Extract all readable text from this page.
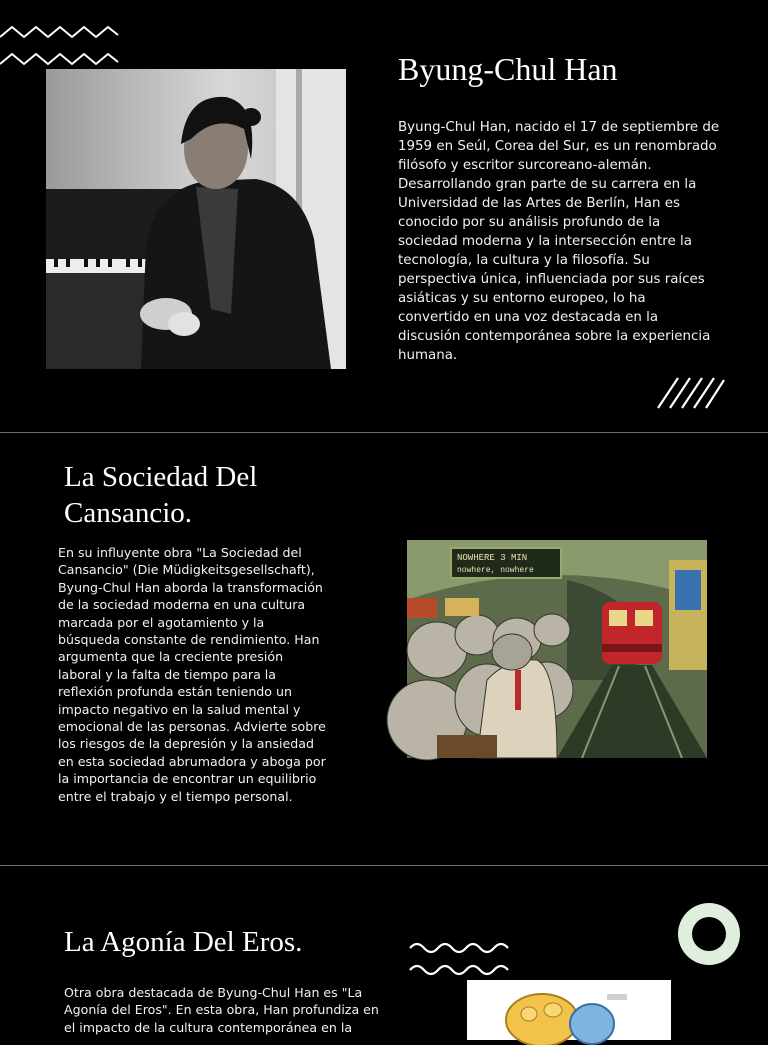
Byung-Chul Han
Byung-Chul Han, nacido el 17 de septiembre de 1959 en Seúl, Corea del Sur, es un renombrado filósofo y escritor surcoreano-alemán. Desarrollando gran parte de su carrera en la Universidad de las Artes de Berlín, Han es conocido por su análisis profundo de la sociedad moderna y la intersección entre la tecnología, la cultura y la filosofía. Su perspectiva única, influenciada por sus raíces asiáticas y su entorno europeo, lo ha convertido en una voz destacada en la discusión contemporánea sobre la experiencia humana.
La Sociedad Del
Cansancio.
En su influyente obra "La Sociedad del Cansancio" (Die Müdigkeitsgesellschaft), Byung-Chul Han aborda la transformación de la sociedad moderna en una cultura marcada por el agotamiento y la búsqueda constante de rendimiento. Han argumenta que la creciente presión laboral y la falta de tiempo para la reflexión profunda están teniendo un impacto negativo en la salud mental y emocional de las personas. Advierte sobre los riesgos de la depresión y la ansiedad en esta sociedad abrumadora y aboga por la importancia de encontrar un equilibrio entre el trabajo y el tiempo personal.
NOWHERE 3 MIN
nowhere, nowhere
La Agonía Del Eros.
Otra obra destacada de Byung-Chul Han es "La Agonía del Eros". En esta obra, Han profundiza en el impacto de la cultura contemporánea en la
